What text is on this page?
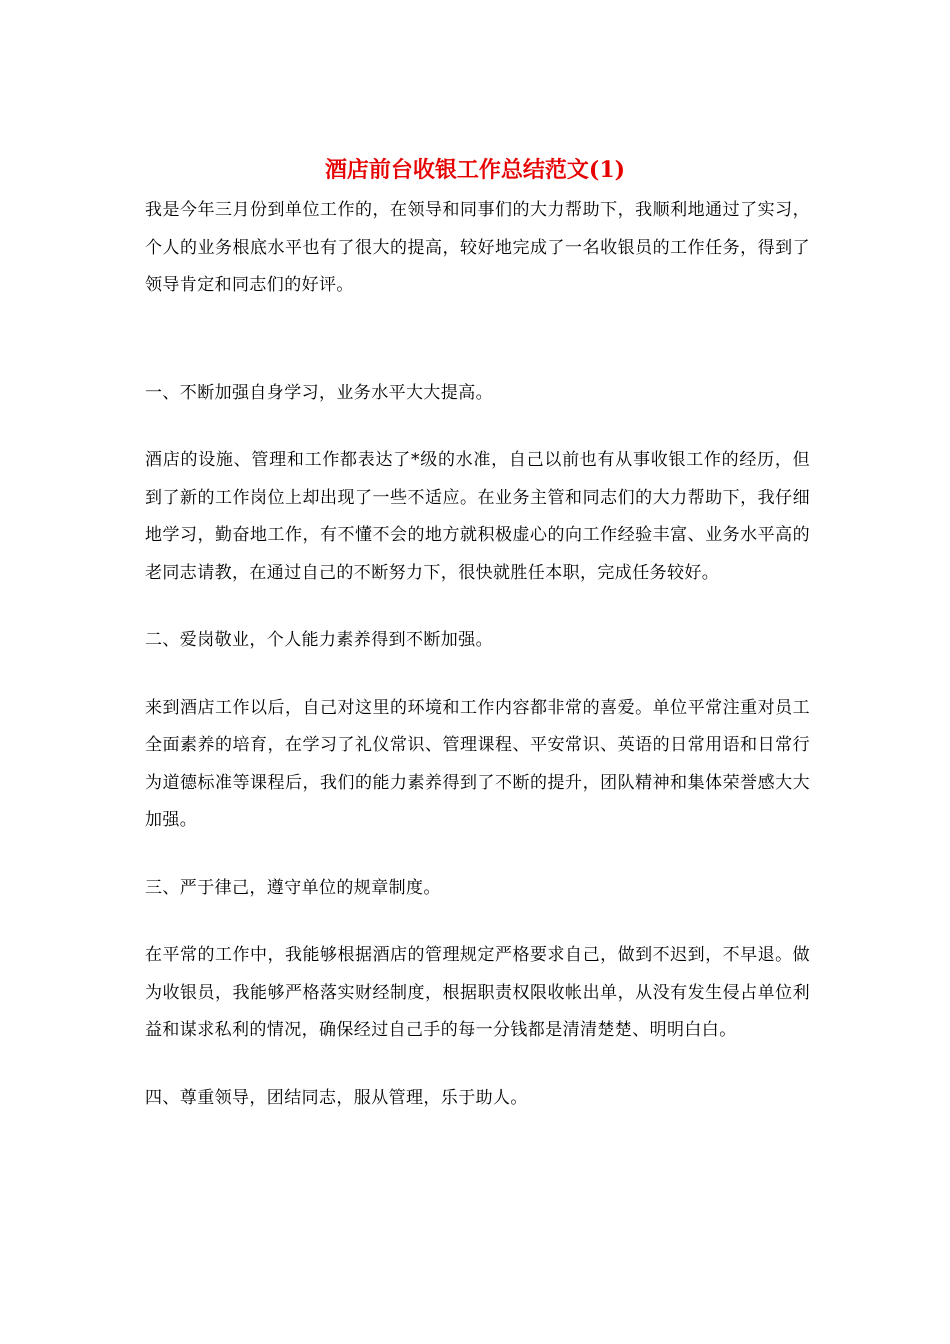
酒店前台收银工作总结范文(1)

我是今年三月份到单位工作的，在领导和同事们的大力帮助下，我顺利地通过了实习，个人的业务根底水平也有了很大的提高，较好地完成了一名收银员的工作任务，得到了领导肯定和同志们的好评。

一、不断加强自身学习，业务水平大大提高。

酒店的设施、管理和工作都表达了*级的水准，自己以前也有从事收银工作的经历，但到了新的工作岗位上却出现了一些不适应。在业务主管和同志们的大力帮助下，我仔细地学习，勤奋地工作，有不懂不会的地方就积极虚心的向工作经验丰富、业务水平高的老同志请教，在通过自己的不断努力下，很快就胜任本职，完成任务较好。

二、爱岗敬业，个人能力素养得到不断加强。

来到酒店工作以后，自己对这里的环境和工作内容都非常的喜爱。单位平常注重对员工全面素养的培育，在学习了礼仪常识、管理课程、平安常识、英语的日常用语和日常行为道德标准等课程后，我们的能力素养得到了不断的提升，团队精神和集体荣誉感大大加强。

三、严于律己，遵守单位的规章制度。

在平常的工作中，我能够根据酒店的管理规定严格要求自己，做到不迟到，不早退。做为收银员，我能够严格落实财经制度，根据职责权限收帐出单，从没有发生侵占单位利益和谋求私利的情况，确保经过自己手的每一分钱都是清清楚楚、明明白白。

四、尊重领导，团结同志，服从管理，乐于助人。
